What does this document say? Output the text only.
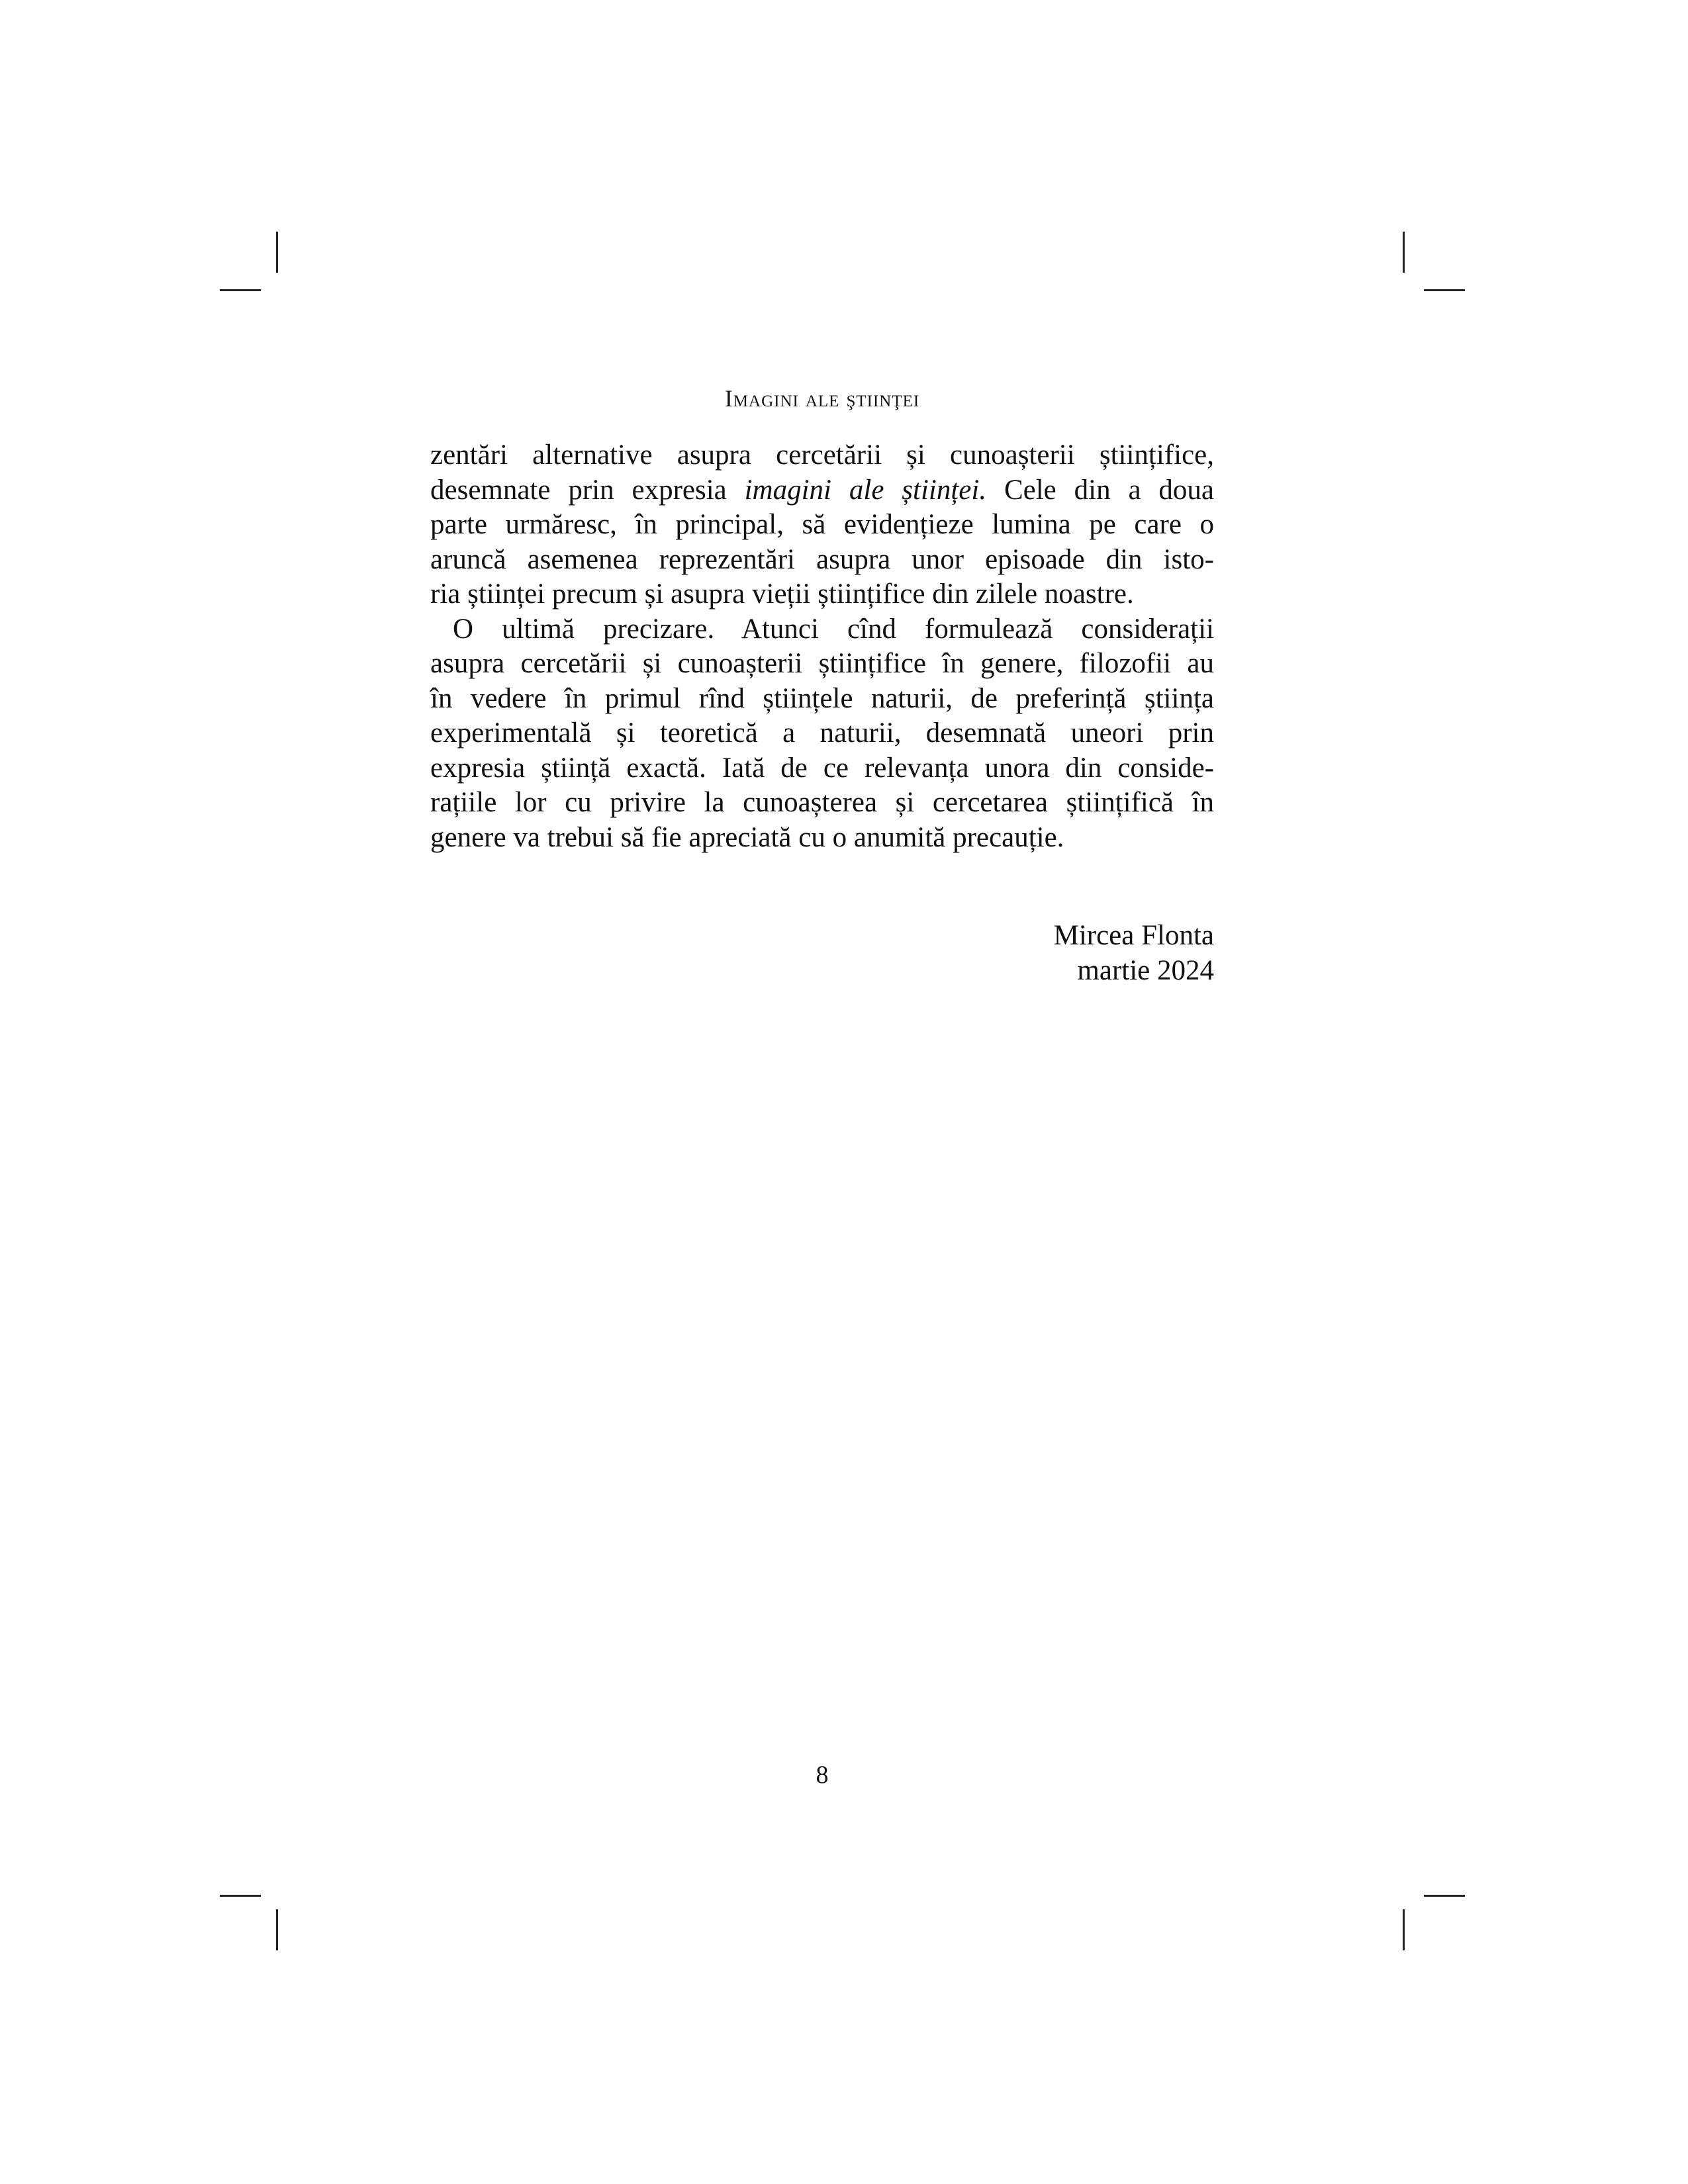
Imagini ale ştiinţei

zentări alternative asupra cercetării și cunoașterii științifice,

desemnate prin expresia imagini ale științei. Cele din a doua

parte urmăresc, în principal, să evidențieze lumina pe care o

aruncă asemenea reprezentări asupra unor episoade din isto-

ria științei precum și asupra vieții științifice din zilele noastre.

O ultimă precizare. Atunci cînd formulează considerații

asupra cercetării și cunoașterii științifice în genere, filozofii au

în vedere în primul rînd științele naturii, de preferință știința

experimentală și teoretică a naturii, desemnată uneori prin

expresia știință exactă. Iată de ce relevanța unora din conside-

rațiile lor cu privire la cunoașterea și cercetarea științifică în

genere va trebui să fie apreciată cu o anumită precauție.

Mircea Flonta
martie 2024
8
